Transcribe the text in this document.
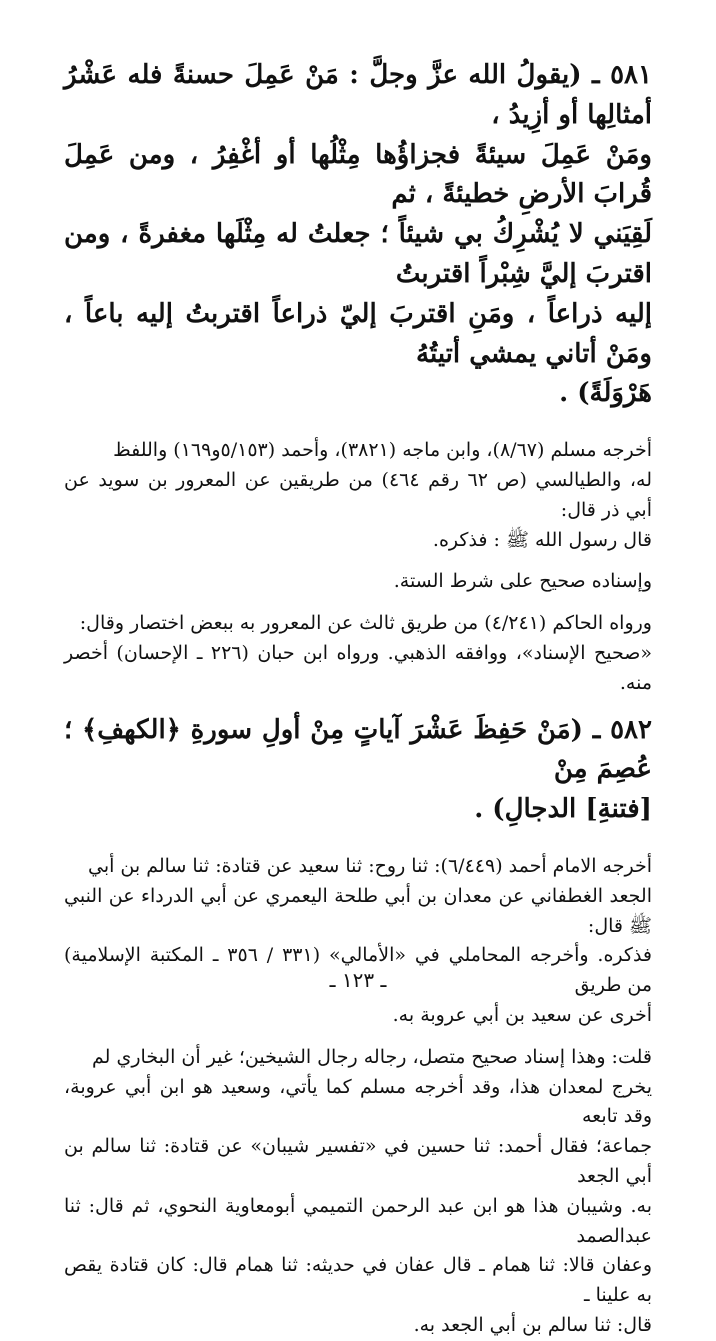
٥٨١ ـ (يقولُ الله عزَّ وجلَّ : مَنْ عَمِلَ حسنةً فله عَشْرُ أمثالِها أو أزِيدُ ،
ومَنْ عَمِلَ سيئةً فجزاؤُها مِثْلُها أو أغْفِرُ ، ومن عَمِلَ قُرابَ الأرضِ خطيئةً ، ثم
لَقِيَني لا يُشْرِكُ بي شيئاً ؛ جعلتُ له مِثْلَها مغفرةً ، ومن اقتربَ إليَّ شِبْراً اقتربتُ
إليه ذراعاً ، ومَنِ اقتربَ إليّ ذراعاً اقتربتُ إليه باعاً ، ومَنْ أتاني يمشي أتيتُهُ
هَرْوَلَةً) .
أخرجه مسلم (٨/٦٧)، وابن ماجه (٣٨٢١)، وأحمد (٥/١٥٣و١٦٩) واللفظ
له، والطيالسي (ص ٦٢ رقم ٤٦٤) من طريقين عن المعرور بن سويد عن أبي ذر قال:
قال رسول الله ﷺ : فذكره.
وإسناده صحيح على شرط الستة.
ورواه الحاكم (٤/٢٤١) من طريق ثالث عن المعرور به ببعض اختصار وقال:
«صحيح الإسناد»، ووافقه الذهبي. ورواه ابن حبان (٢٢٦ ـ الإحسان) أخصر منه.
٥٨٢ ـ (مَنْ حَفِظَ عَشْرَ آياتٍ مِنْ أولِ سورةِ ﴿الكهفِ﴾ ؛ عُصِمَ مِنْ
[فتنةِ] الدجالِ) .
أخرجه الامام أحمد (٦/٤٤٩): ثنا روح: ثنا سعيد عن قتادة: ثنا سالم بن أبي
الجعد الغطفاني عن معدان بن أبي طلحة اليعمري عن أبي الدرداء عن النبي ﷺ قال:
فذكره. وأخرجه المحاملي في «الأمالي» (٣٣١ / ٣٥٦ ـ المكتبة الإسلامية) من طريق
أخرى عن سعيد بن أبي عروبة به.
قلت: وهذا إسناد صحيح متصل، رجاله رجال الشيخين؛ غير أن البخاري لم
يخرج لمعدان هذا، وقد أخرجه مسلم كما يأتي، وسعيد هو ابن أبي عروبة، وقد تابعه
جماعة؛ فقال أحمد: ثنا حسين في «تفسير شيبان» عن قتادة: ثنا سالم بن أبي الجعد
به. وشيبان هذا هو ابن عبد الرحمن التميمي أبومعاوية النحوي، ثم قال: ثنا عبدالصمد
وعفان قالا: ثنا همام ـ قال عفان في حديثه: ثنا همام قال: كان قتادة يقص به علينا ـ
قال: ثنا سالم بن أبي الجعد به.
ـ ١٢٣ ـ
